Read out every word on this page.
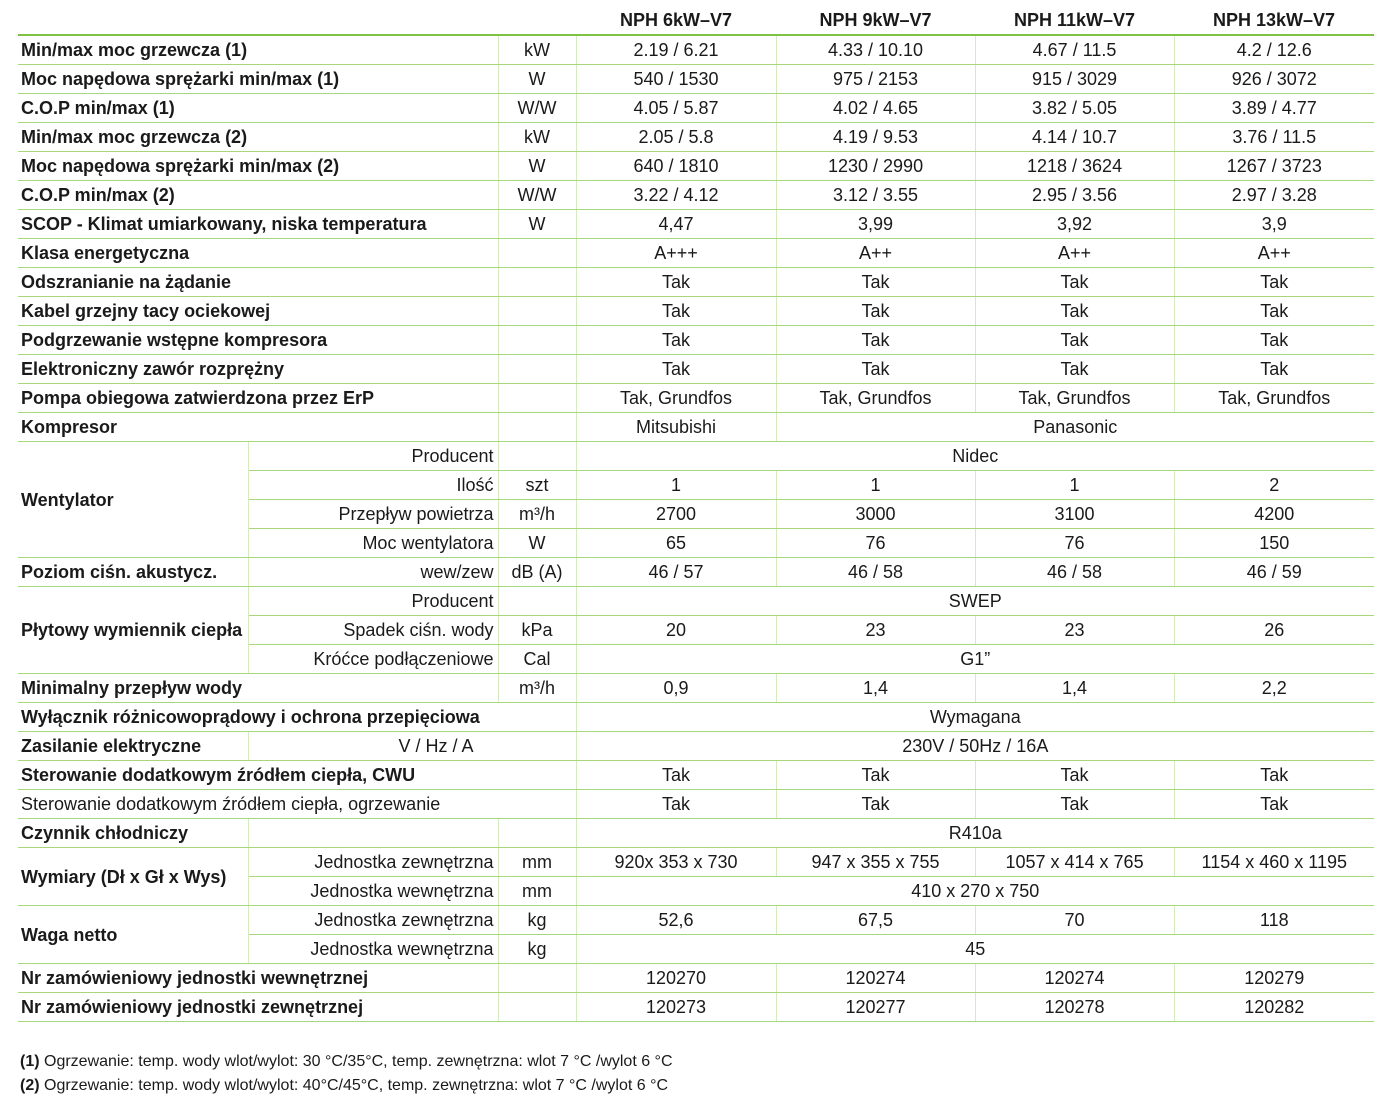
			NPH 6kW–V7	NPH 9kW–V7	NPH 11kW–V7	NPH 13kW–V7
Min/max moc grzewcza (1)		kW	2.19 / 6.21	4.33 / 10.10	4.67 / 11.5	4.2 / 12.6
Moc napędowa sprężarki min/max (1)		W	540 / 1530	975 / 2153	915 / 3029	926 / 3072
C.O.P min/max (1)		W/W	4.05 / 5.87	4.02 / 4.65	3.82 / 5.05	3.89 / 4.77
Min/max moc grzewcza (2)		kW	2.05 / 5.8	4.19 / 9.53	4.14 / 10.7	3.76 / 11.5
Moc napędowa sprężarki min/max (2)		W	640 / 1810	1230 / 2990	1218 / 3624	1267 / 3723
C.O.P min/max (2)		W/W	3.22 / 4.12	3.12 / 3.55	2.95 / 3.56	2.97 / 3.28
SCOP - Klimat umiarkowany, niska temperatura		W	4,47	3,99	3,92	3,9
Klasa energetyczna			A+++	A++	A++	A++
Odszranianie na żądanie			Tak	Tak	Tak	Tak
Kabel grzejny tacy ociekowej			Tak	Tak	Tak	Tak
Podgrzewanie wstępne kompresora			Tak	Tak	Tak	Tak
Elektroniczny zawór rozprężny			Tak	Tak	Tak	Tak
Pompa obiegowa zatwierdzona przez ErP			Tak, Grundfos	Tak, Grundfos	Tak, Grundfos	Tak, Grundfos
Kompresor			Mitsubishi	Panasonic		
Wentylator	Producent		Nidec			
	Ilość	szt	1	1	1	2
	Przepływ powietrza	m³/h	2700	3000	3100	4200
	Moc wentylatora	W	65	76	76	150
Poziom ciśn. akustycz.	wew/zew	dB (A)	46 / 57	46 / 58	46 / 58	46 / 59
Płytowy wymiennik ciepła	Producent		SWEP			
	Spadek ciśn. wody	kPa	20	23	23	26
	Króćce podłączeniowe	Cal	G1”			
Minimalny przepływ wody		m³/h	0,9	1,4	1,4	2,2
Wyłącznik różnicowoprądowy i ochrona przepięciowa			Wymagana			
Zasilanie elektryczne	V / Hz / A		230V / 50Hz / 16A			
Sterowanie dodatkowym źródłem ciepła, CWU			Tak	Tak	Tak	Tak
Sterowanie dodatkowym źródłem ciepła, ogrzewanie			Tak	Tak	Tak	Tak
Czynnik chłodniczy			R410a			
Wymiary (Dł x Gł x Wys)	Jednostka zewnętrzna	mm	920x 353 x 730	947 x 355 x 755	1057 x 414 x 765	1154 x 460 x 1195
	Jednostka wewnętrzna	mm	410 x 270 x 750			
Waga netto	Jednostka zewnętrzna	kg	52,6	67,5	70	118
	Jednostka wewnętrzna	kg	45			
Nr zamówieniowy jednostki wewnętrznej			120270	120274	120274	120279
Nr zamówieniowy jednostki zewnętrznej			120273	120277	120278	120282
(1) Ogrzewanie: temp. wody wlot/wylot: 30 °C/35°C, temp. zewnętrzna: wlot 7 °C /wylot 6 °C
(2) Ogrzewanie: temp. wody wlot/wylot: 40°C/45°C, temp. zewnętrzna: wlot 7 °C /wylot 6 °C
